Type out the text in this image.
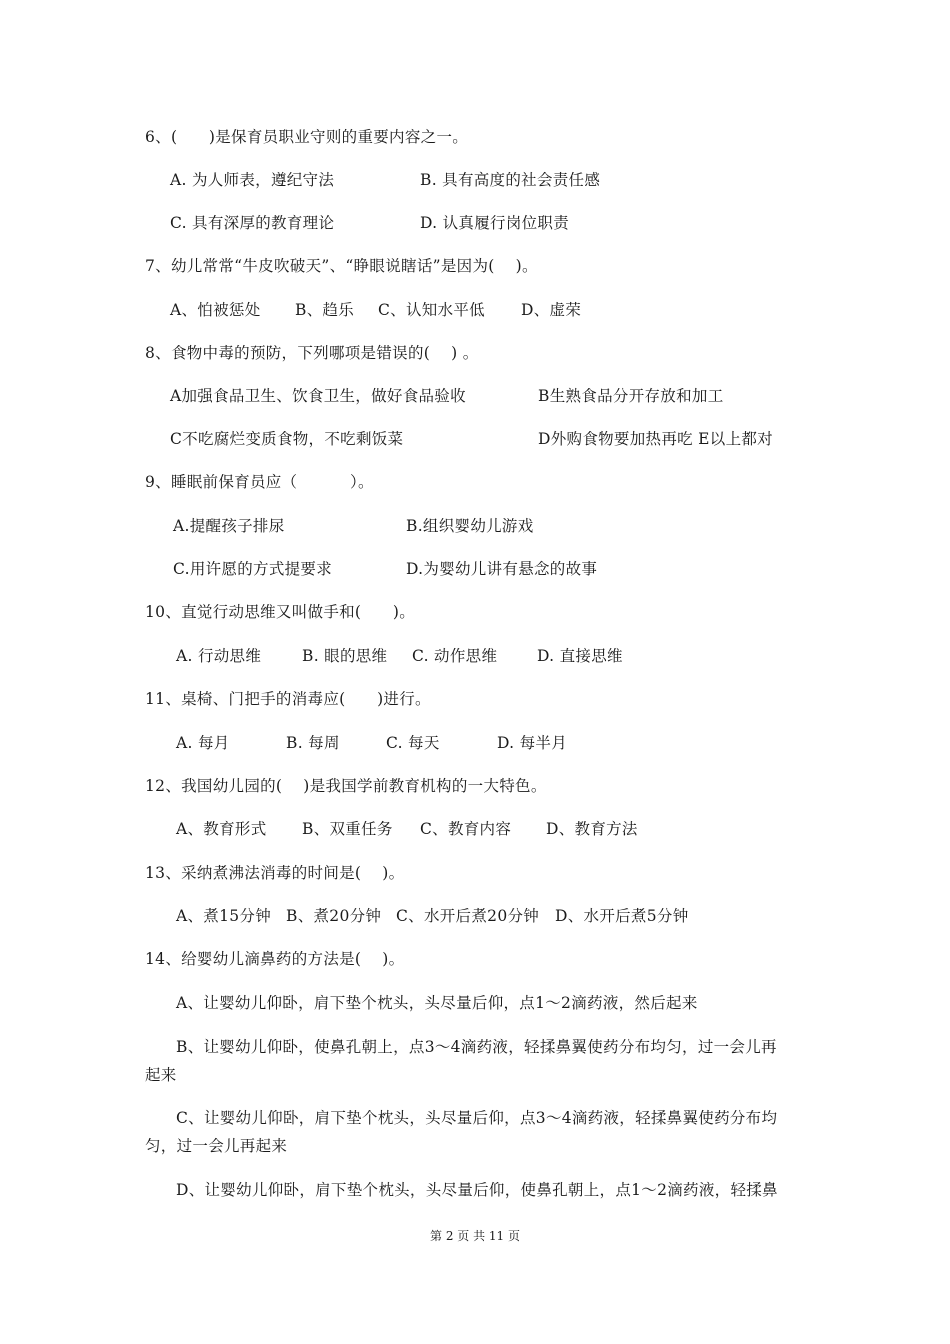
6、(　　)是保育员职业守则的重要内容之一。
A. 为人师表，遵纪守法	B. 具有高度的社会责任感
C. 具有深厚的教育理论	D. 认真履行岗位职责
7、幼儿常常“牛皮吹破天”、“睁眼说瞎话”是因为(　 )。
A、怕被惩处 B、趋乐 C、认知水平低 D、虚荣
8、食物中毒的预防，下列哪项是错误的(　 ) 。
A加强食品卫生、饮食卫生，做好食品验收	B生熟食品分开存放和加工
C不吃腐烂变质食物，不吃剩饭菜	D外购食物要加热再吃 E以上都对
9、睡眠前保育员应（　　　 ）。
A.提醒孩子排尿	B.组织婴幼儿游戏
C.用许愿的方式提要求	D.为婴幼儿讲有悬念的故事
10、直觉行动思维又叫做手和(　　)。
A. 行动思维	B. 眼的思维 C. 动作思维	D. 直接思维
11、桌椅、门把手的消毒应(　　)进行。
A. 每月	B. 每周	C. 每天	D. 每半月
12、我国幼儿园的(　 )是我国学前教育机构的一大特色。
A、教育形式 B、双重任务 C、教育内容 D、教育方法
13、采纳煮沸法消毒的时间是(　 )。
A、煮15分钟 B、煮20分钟 C、水开后煮20分钟 D、水开后煮5分钟
14、给婴幼儿滴鼻药的方法是(　 )。
A、让婴幼儿仰卧，肩下垫个枕头，头尽量后仰，点1～2滴药液，然后起来
B、让婴幼儿仰卧，使鼻孔朝上，点3～4滴药液，轻揉鼻翼使药分布均匀，过一会儿再
起来
C、让婴幼儿仰卧，肩下垫个枕头，头尽量后仰，点3～4滴药液，轻揉鼻翼使药分布均
匀，过一会儿再起来
D、让婴幼儿仰卧，肩下垫个枕头，头尽量后仰，使鼻孔朝上，点1～2滴药液，轻揉鼻
第 2 页 共 11 页
